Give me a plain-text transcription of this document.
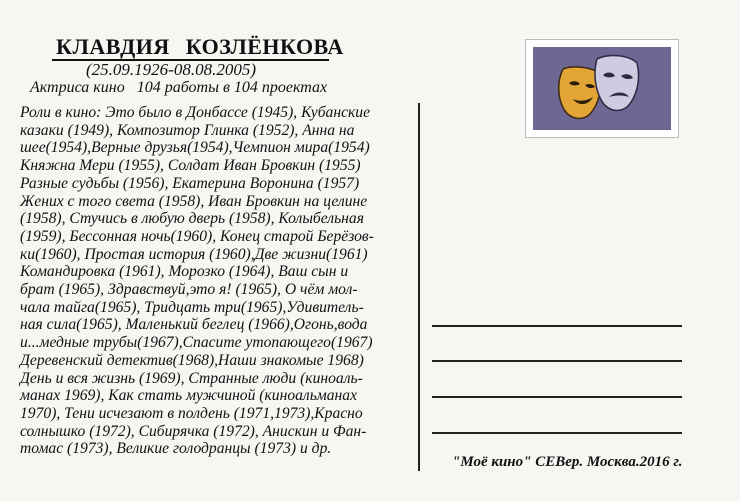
КЛАВДИЯ КОЗЛЁНКОВА
(25.09.1926-08.08.2005)
Актриса кино   104 работы в 104 проектах
Роли в кино: Это было в Донбассе (1945), Кубанские
казаки (1949), Композитор Глинка (1952), Анна на
шее(1954),Верные друзья(1954),Чемпион мира(1954)
Княжна Мери (1955), Солдат Иван Бровкин (1955)
Разные судьбы (1956), Екатерина Воронина (1957)
Жених с того света (1958), Иван Бровкин на целине
(1958), Стучись в любую дверь (1958), Колыбельная
(1959), Бессонная ночь(1960), Конец старой Берёзов-
ки(1960), Простая история (1960),Две жизни(1961)
Командировка (1961), Морозко (1964), Ваш сын и
брат (1965), Здравствуй,это я! (1965), О чём мол-
чала тайга(1965), Тридцать три(1965),Удивитель-
ная сила(1965), Маленький беглец (1966),Огонь,вода
и...медные трубы(1967),Спасите утопающего(1967)
Деревенский детектив(1968),Наши знакомые 1968)
День и вся жизнь (1969), Странные люди (киноаль-
манах 1969), Как стать мужчиной (киноальманах
1970), Тени исчезают в полдень (1971,1973),Красно
солнышко (1972), Сибирячка (1972), Анискин и Фан-
томас (1973), Великие голодранцы (1973) и др.
"Моё кино" СЕВер. Москва.2016 г.
